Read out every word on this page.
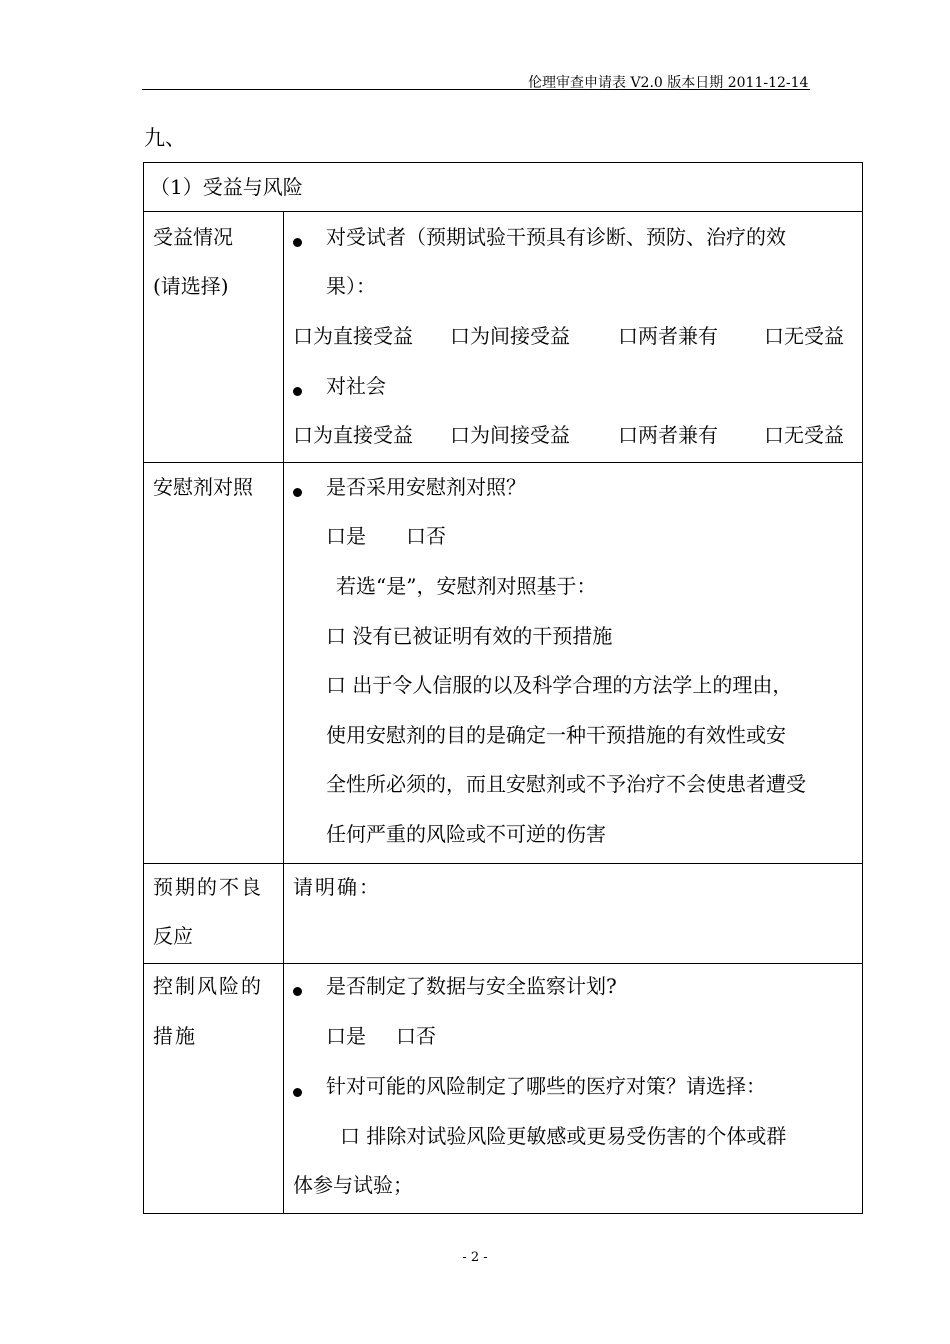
伦理审查申请表 V2.0 版本日期 2011-12-14
九、
（1）受益与风险
受益情况
(请选择)
对受试者（预期试验干预具有诊断、预防、治疗的效
果）：
口为直接受益 口为间接受益 口两者兼有 口无受益
对社会
口为直接受益 口为间接受益 口两者兼有 口无受益
安慰剂对照	是否采用安慰剂对照？
口是 口否
若选“是”，安慰剂对照基于：
口 没有已被证明有效的干预措施
口 出于令人信服的以及科学合理的方法学上的理由，
使用安慰剂的目的是确定一种干预措施的有效性或安
全性所必须的，而且安慰剂或不予治疗不会使患者遭受
任何严重的风险或不可逆的伤害
预期的不良
反应
请明确：
控制风险的
措施
是否制定了数据与安全监察计划?
口是 口否
针对可能的风险制定了哪些的医疗对策？请选择：
口 排除对试验风险更敏感或更易受伤害的个体或群
体参与试验；
- 2 -
